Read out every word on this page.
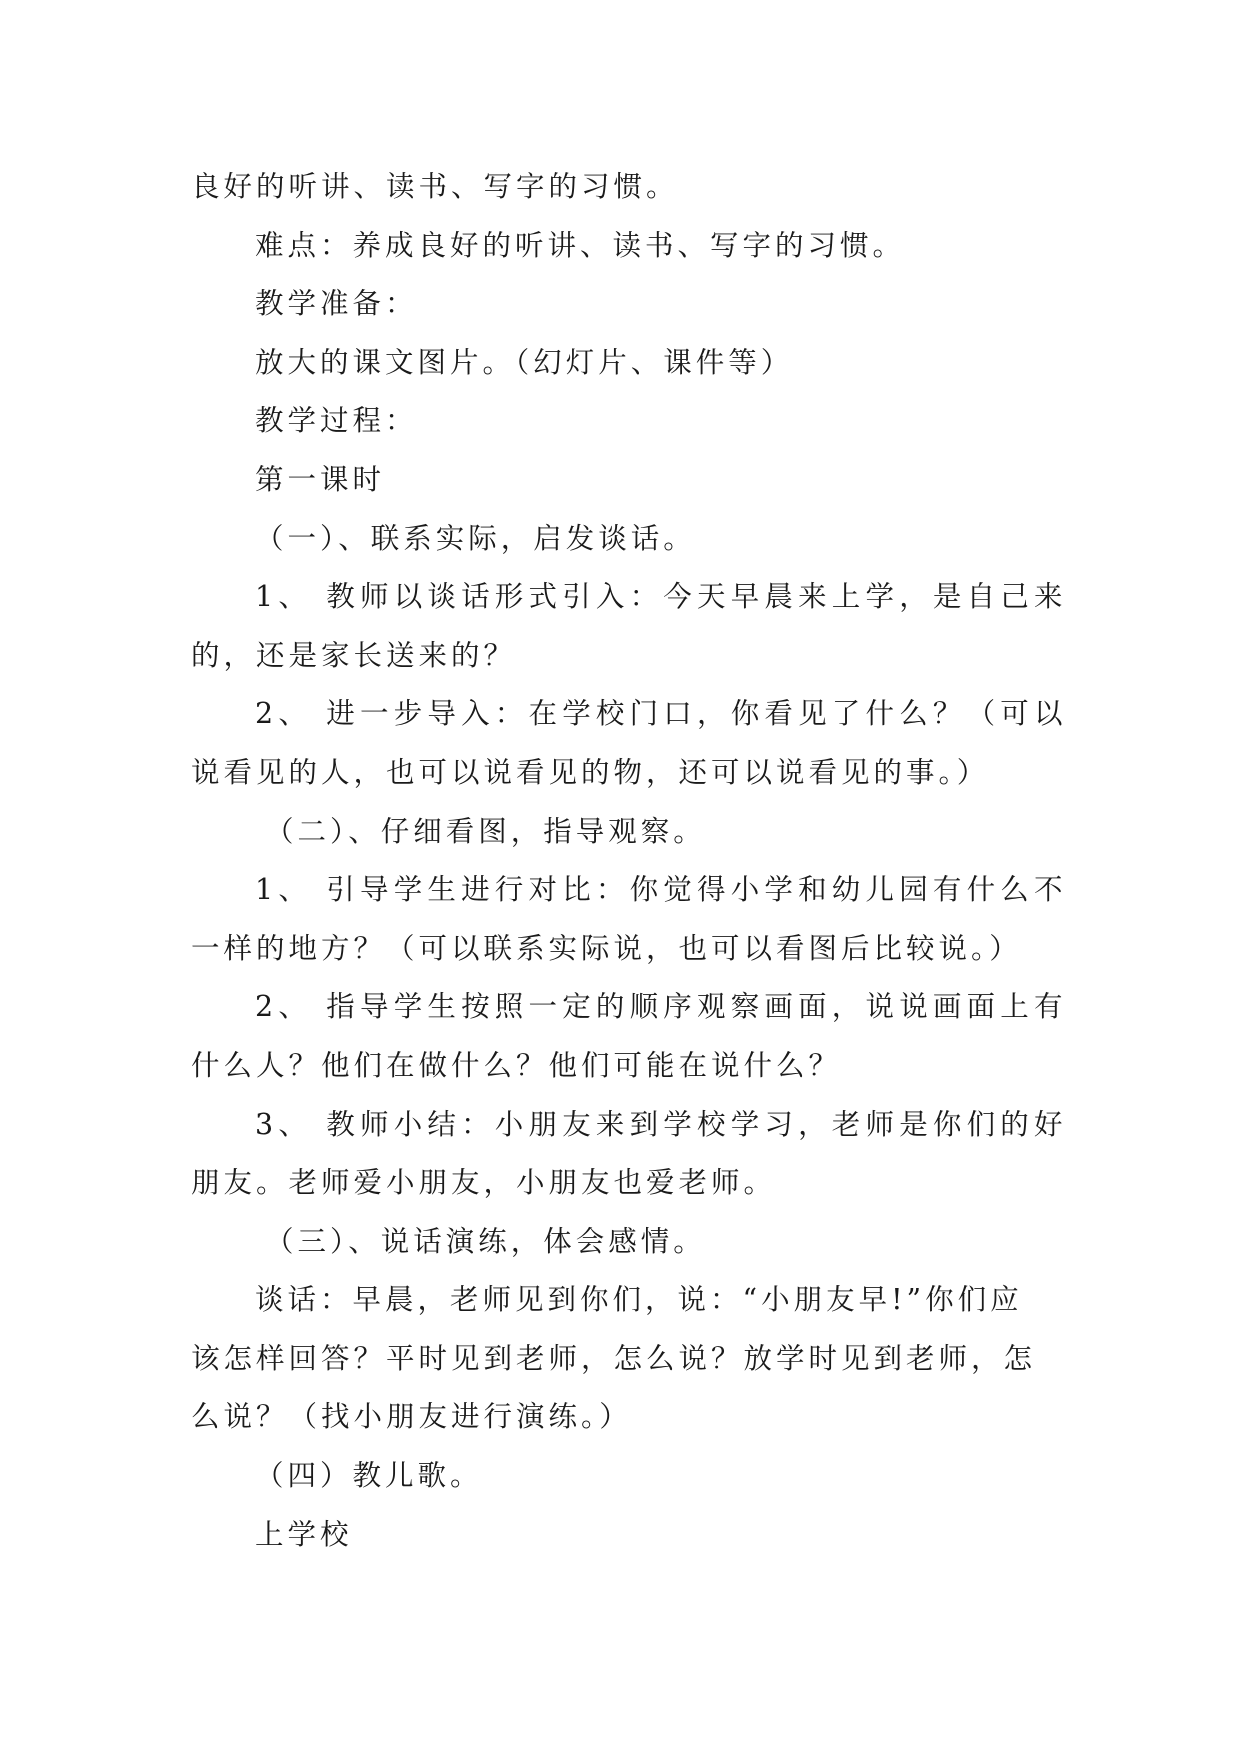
良好的听讲、读书、写字的习惯。

难点：养成良好的听讲、读书、写字的习惯。

教学准备：

放大的课文图片。（幻灯片、课件等）

教学过程：

第一课时

（一）、联系实际，启发谈话。

1、 教师以谈话形式引入：今天早晨来上学，是自己来

的，还是家长送来的？

2、 进一步导入：在学校门口，你看见了什么？（可以

说看见的人，也可以说看见的物，还可以说看见的事。）

（二）、仔细看图，指导观察。

1、 引导学生进行对比：你觉得小学和幼儿园有什么不

一样的地方？（可以联系实际说，也可以看图后比较说。）

2、 指导学生按照一定的顺序观察画面，说说画面上有

什么人？他们在做什么？他们可能在说什么？

3、 教师小结：小朋友来到学校学习，老师是你们的好

朋友。老师爱小朋友，小朋友也爱老师。

（三）、说话演练，体会感情。

谈话：早晨，老师见到你们，说：“小朋友早!”你们应

该怎样回答？平时见到老师，怎么说？放学时见到老师，怎

么说？（找小朋友进行演练。）

（四）教儿歌。

上学校
